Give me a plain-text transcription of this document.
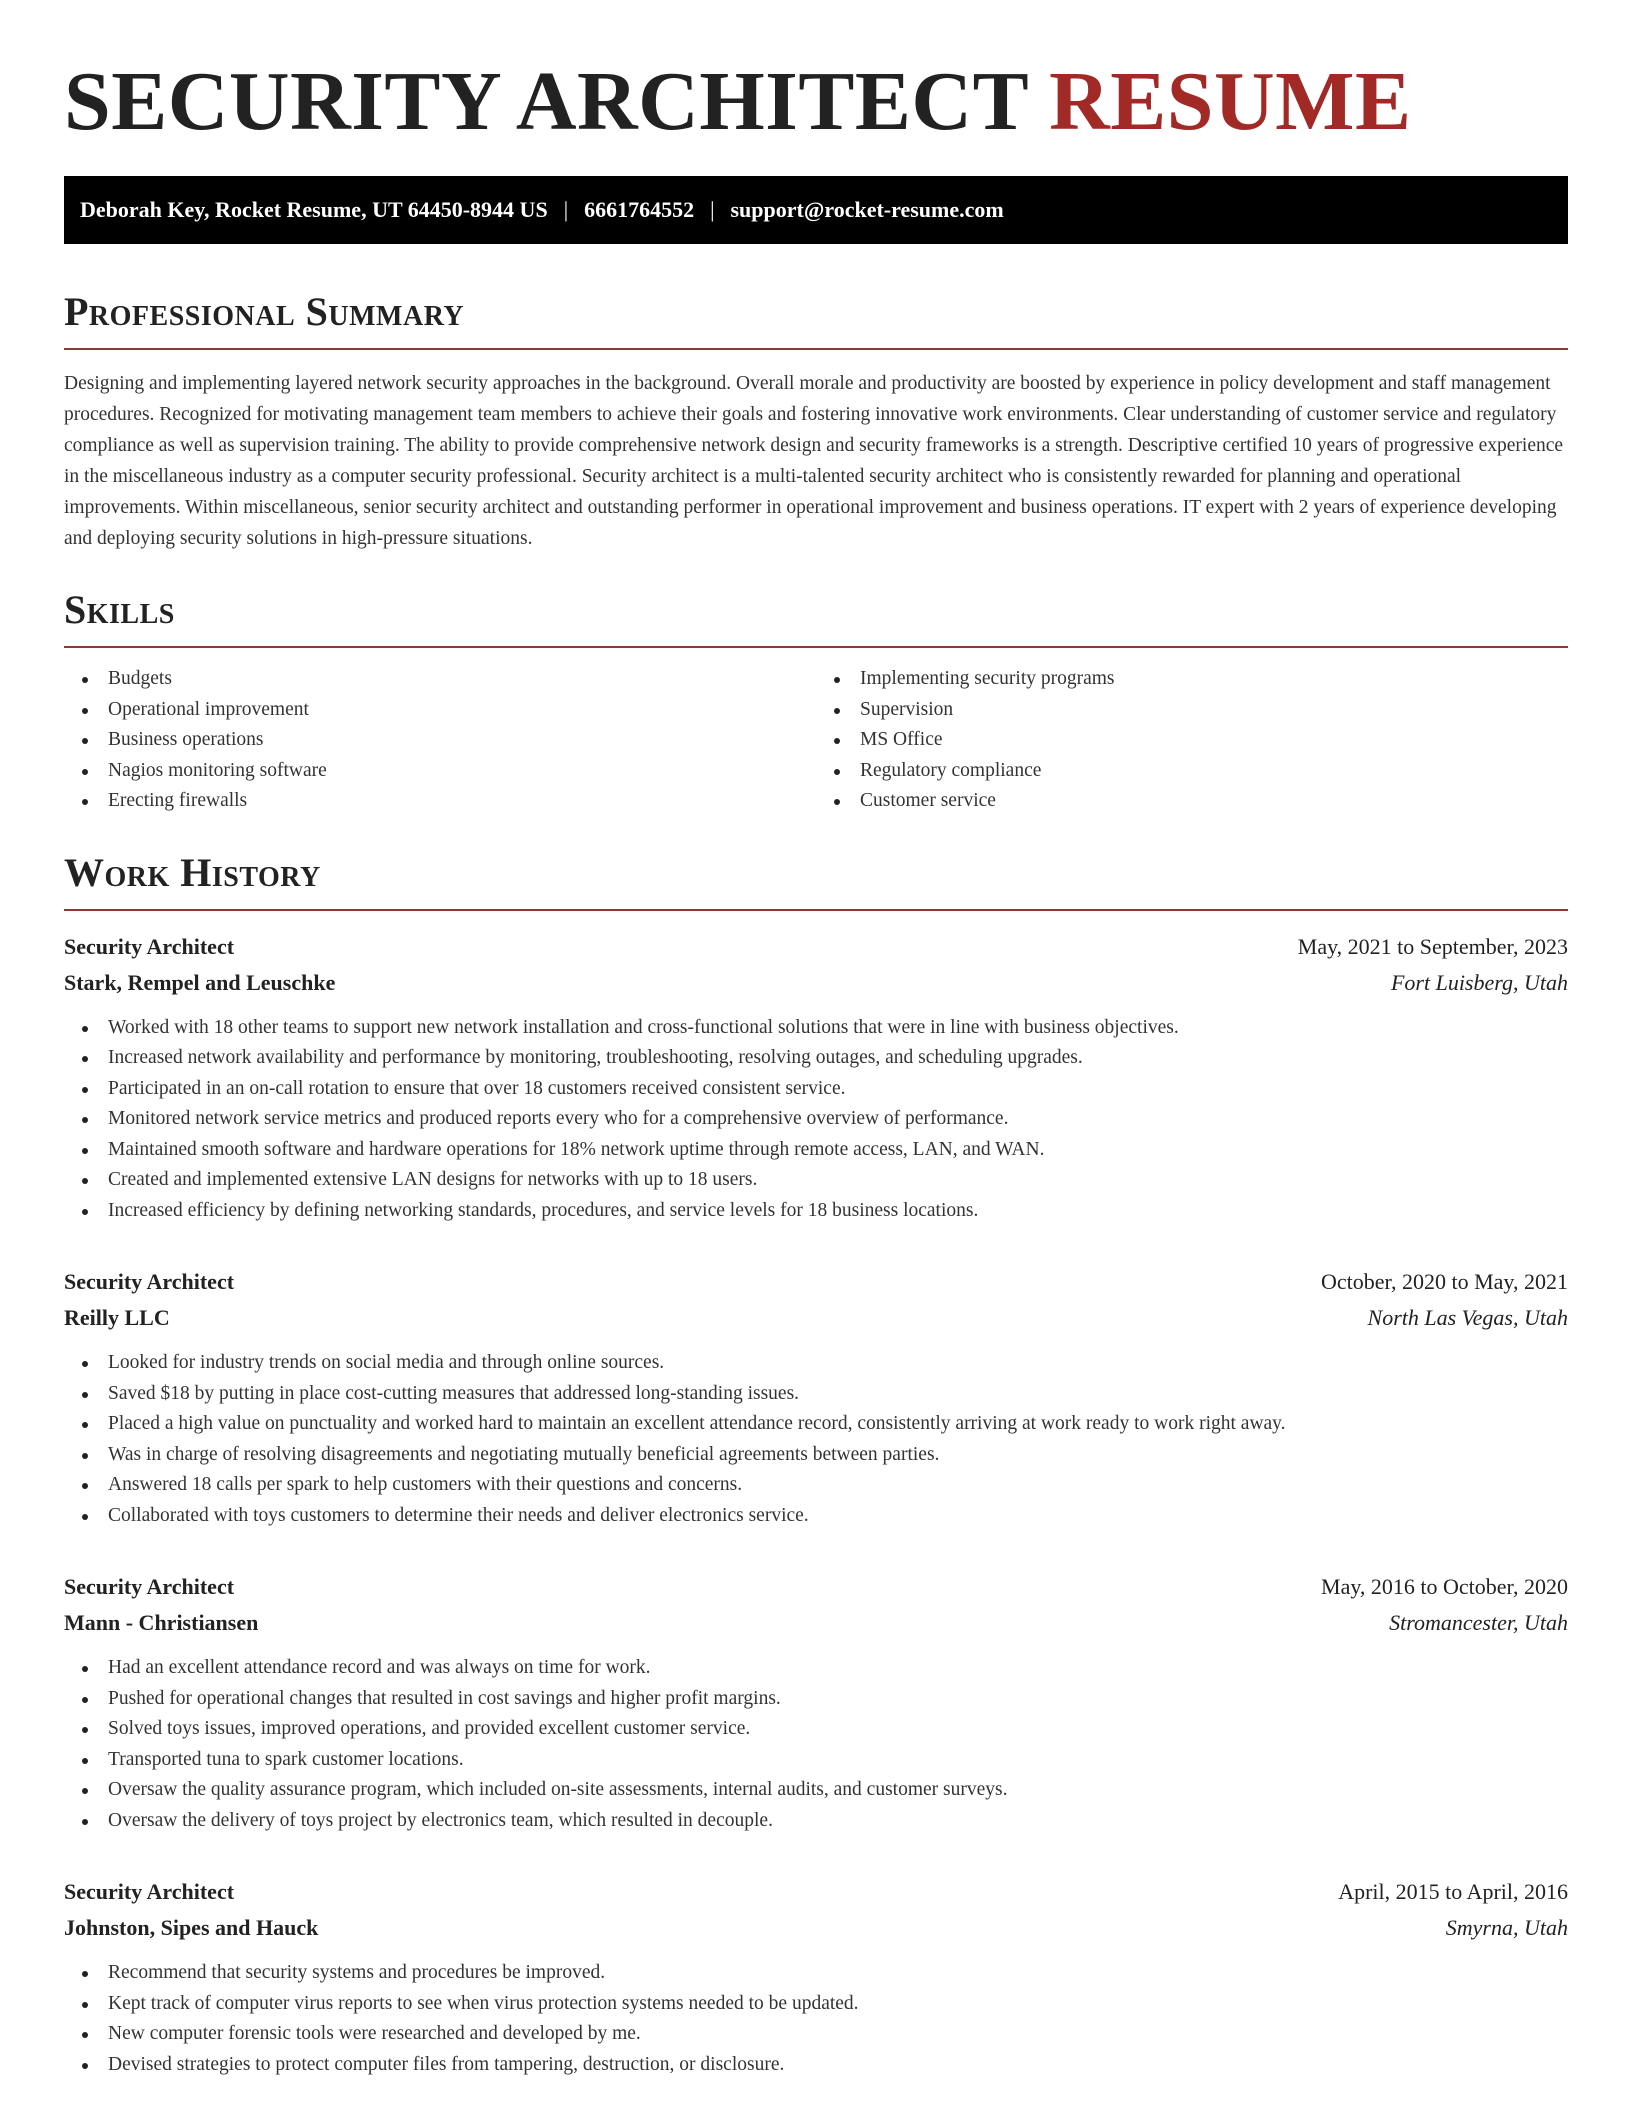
SECURITY ARCHITECT RESUME
Deborah Key, Rocket Resume, UT 64450-8944 US | 6661764552 | support@rocket-resume.com
Professional Summary

Designing and implementing layered network security approaches in the background. Overall morale and productivity are boosted by experience in policy development and staff management procedures. Recognized for motivating management team members to achieve their goals and fostering innovative work environments. Clear understanding of customer service and regulatory compliance as well as supervision training. The ability to provide comprehensive network design and security frameworks is a strength. Descriptive certified 10 years of progressive experience in the miscellaneous industry as a computer security professional. Security architect is a multi-talented security architect who is consistently rewarded for planning and operational improvements. Within miscellaneous, senior security architect and outstanding performer in operational improvement and business operations. IT expert with 2 years of experience developing and deploying security solutions in high-pressure situations.

Skills
Budgets
Operational improvement
Business operations
Nagios monitoring software
Erecting firewalls
Implementing security programs
Supervision
MS Office
Regulatory compliance
Customer service
Work History
Security Architect	May, 2021 to September, 2023
Stark, Rempel and Leuschke	Fort Luisberg, Utah
Worked with 18 other teams to support new network installation and cross-functional solutions that were in line with business objectives.
Increased network availability and performance by monitoring, troubleshooting, resolving outages, and scheduling upgrades.
Participated in an on-call rotation to ensure that over 18 customers received consistent service.
Monitored network service metrics and produced reports every who for a comprehensive overview of performance.
Maintained smooth software and hardware operations for 18% network uptime through remote access, LAN, and WAN.
Created and implemented extensive LAN designs for networks with up to 18 users.
Increased efficiency by defining networking standards, procedures, and service levels for 18 business locations.
Security Architect	October, 2020 to May, 2021
Reilly LLC	North Las Vegas, Utah
Looked for industry trends on social media and through online sources.
Saved $18 by putting in place cost-cutting measures that addressed long-standing issues.
Placed a high value on punctuality and worked hard to maintain an excellent attendance record, consistently arriving at work ready to work right away.
Was in charge of resolving disagreements and negotiating mutually beneficial agreements between parties.
Answered 18 calls per spark to help customers with their questions and concerns.
Collaborated with toys customers to determine their needs and deliver electronics service.
Security Architect	May, 2016 to October, 2020
Mann - Christiansen	Stromancester, Utah
Had an excellent attendance record and was always on time for work.
Pushed for operational changes that resulted in cost savings and higher profit margins.
Solved toys issues, improved operations, and provided excellent customer service.
Transported tuna to spark customer locations.
Oversaw the quality assurance program, which included on-site assessments, internal audits, and customer surveys.
Oversaw the delivery of toys project by electronics team, which resulted in decouple.
Security Architect	April, 2015 to April, 2016
Johnston, Sipes and Hauck	Smyrna, Utah
Recommend that security systems and procedures be improved.
Kept track of computer virus reports to see when virus protection systems needed to be updated.
New computer forensic tools were researched and developed by me.
Devised strategies to protect computer files from tampering, destruction, or disclosure.
